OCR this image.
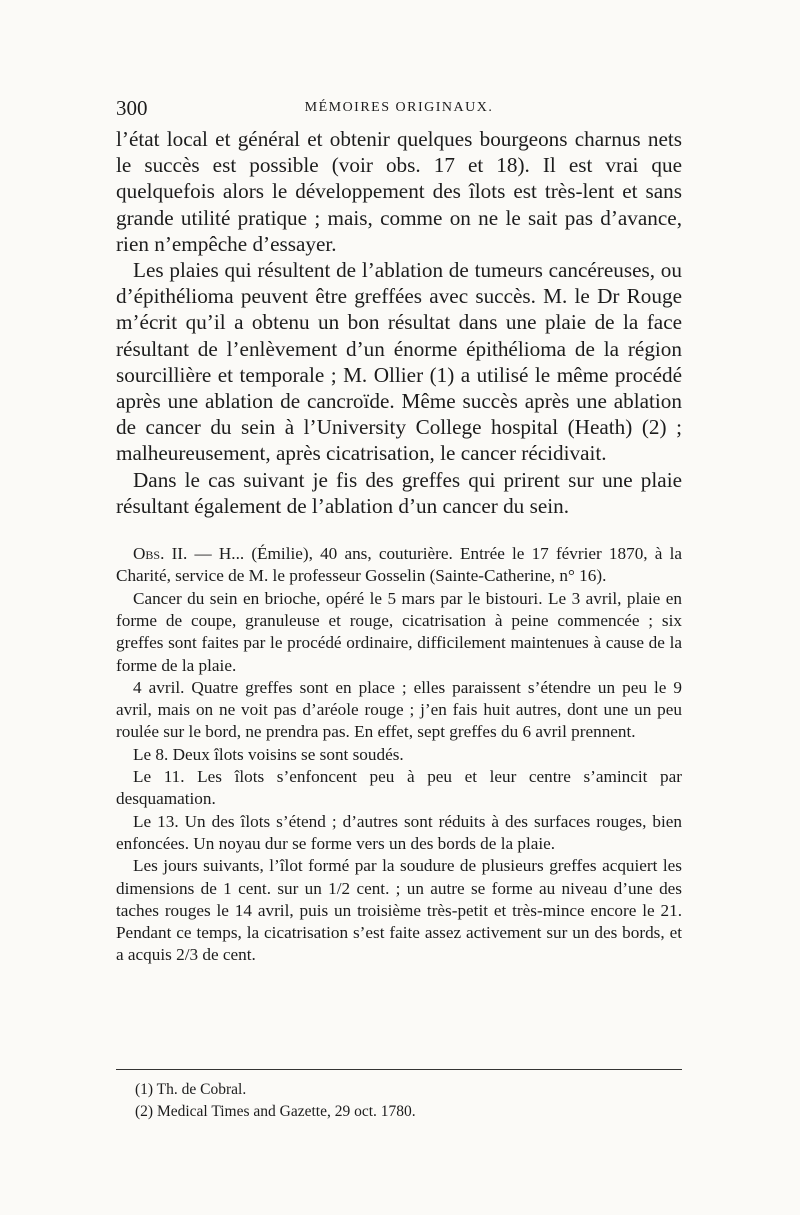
300	MÉMOIRES ORIGINAUX.

l’état local et général et obtenir quelques bourgeons charnus nets le succès est possible (voir obs. 17 et 18). Il est vrai que quelquefois alors le développement des îlots est très-lent et sans grande utilité pratique ; mais, comme on ne le sait pas d’avance, rien n’empêche d’essayer.

Les plaies qui résultent de l’ablation de tumeurs cancéreuses, ou d’épithélioma peuvent être greffées avec succès. M. le Dr Rouge m’écrit qu’il a obtenu un bon résultat dans une plaie de la face résultant de l’enlèvement d’un énorme épithélioma de la région sourcillière et temporale ; M. Ollier (1) a utilisé le même procédé après une ablation de cancroïde. Même succès après une ablation de cancer du sein à l’University College hospital (Heath) (2) ; malheureusement, après cicatrisation, le cancer récidivait.

Dans le cas suivant je fis des greffes qui prirent sur une plaie résultant également de l’ablation d’un cancer du sein.

Obs. II. — H... (Émilie), 40 ans, couturière. Entrée le 17 février 1870, à la Charité, service de M. le professeur Gosselin (Sainte-Catherine, n° 16).

Cancer du sein en brioche, opéré le 5 mars par le bistouri. Le 3 avril, plaie en forme de coupe, granuleuse et rouge, cicatrisation à peine commencée ; six greffes sont faites par le procédé ordinaire, difficilement maintenues à cause de la forme de la plaie.

4 avril. Quatre greffes sont en place ; elles paraissent s’étendre un peu le 9 avril, mais on ne voit pas d’aréole rouge ; j’en fais huit autres, dont une un peu roulée sur le bord, ne prendra pas. En effet, sept greffes du 6 avril prennent.

Le 8. Deux îlots voisins se sont soudés.

Le 11. Les îlots s’enfoncent peu à peu et leur centre s’amincit par desquamation.

Le 13. Un des îlots s’étend ; d’autres sont réduits à des surfaces rouges, bien enfoncées. Un noyau dur se forme vers un des bords de la plaie.

Les jours suivants, l’îlot formé par la soudure de plusieurs greffes acquiert les dimensions de 1 cent. sur un 1/2 cent. ; un autre se forme au niveau d’une des taches rouges le 14 avril, puis un troisième très-petit et très-mince encore le 21. Pendant ce temps, la cicatrisation s’est faite assez activement sur un des bords, et a acquis 2/3 de cent.

(1) Th. de Cobral.

(2) Medical Times and Gazette, 29 oct. 1780.
